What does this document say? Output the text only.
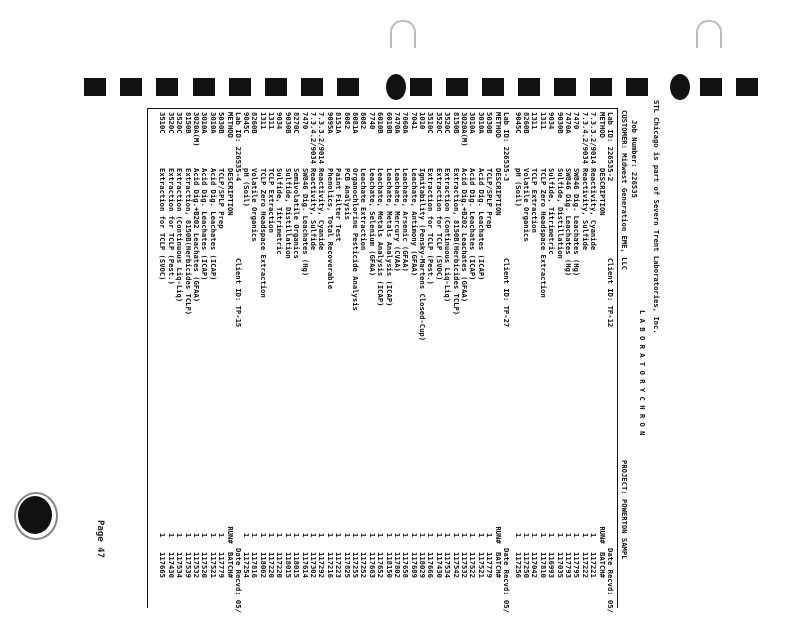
Page 47
STL Chicago is part of Severn Trent Laboratories, Inc.
L A B O R A T O R Y C H R O N
Job Number: 226535
CUSTOMER: Midwest Generation EME, LLC
PROJECT: POWERTON SAMPL
Lab ID: 226535-2
Client ID: TP-12
Date Recvd: 05/
METHOD
DESCRIPTION
RUN#
BATCH#
7.3.3.2/9014
Reactivity, Cyanide
1
117221
7.3.4.2/9034
Reactivity, Sulfide
1
117222
7470
SW846 Dig. Leachates (Hg)
1
117795
7470A
SW846 Dig. Leachates (Hg)
1
117793
9030B
Sulfide, Distillation
1
117035
9034
Sulfide, Titrimetric
1
116993
1311
TCLP Zero Headspace Extraction
1
117810
1311
TCLP Extraction
1
117042
8260B
Volatile Organics
1
117250
9045C
pH (Soil)
1
117256
Lab ID: 226535-3
Client ID: TP-27
Date Recvd: 05/
METHOD
DESCRIPTION
RUN#
BATCH#
5030B
TCLP/SPLP Prep
1
117779
3010A
Acid Dig. Leachates (ICAP)
1
117521
3010A
Acid Dig. Leachates (ICAP)
1
117522
3020A(M)
Acid Dig.+B202 Leachates (GFAA)
1
117532
8150B
Extraction, 8150B(Herbicides TCLP)
1
117542
3520C
Extraction (Continuous Liq-Liq)
1
117534
3520C
Extraction for TCLP (SVOC)
1
117430
3510C
Extraction for TCLP (Pest.)
1
117666
1010
Ignitability (Pensky-Martens Closed-Cup)
1
118029
7041
Leachate, Antimony (GFAA)
1
117689
7060A
Leachate, Arsenic (GFAA)
1
117658
7470A
Leachate, Mercury (CVAA)
1
117802
6010B
Leachate, Metals Analysis (ICAP)
1
118150
6010B
Leachate, Metals Analysis (ICAP)
1
117652
7740
Leachate, Selenium (GFAA)
1
117663
8082
Leachate Extraction
1
117252
8081A
Organochlorine Pesticide Analysis
1
117255
8082
PCB Analysis
1
117825
8151A
Paint Filter Test
1
117223
9095A
Phenolics, Total Recoverable
1
117216
7.3.3.2/9014
Reactivity, Cyanide
1
117292
7.3.4.2/9034
Reactivity, Sulfide
1
117302
7470
SW846 Dig. Leachates (Hg)
1
117614
8270C
Semivolatile Organics
1
118015
9030B
Sulfide, Distillation
1
118015
9034
Sulfide, Titrimetric
1
117220
1311
TCLP Extraction
1
117220
1311
TCLP Zero Headspace Extraction
1
118062
8260B
Volatile Organics
1
117816
9045C
pH (Soil)
1
117254
Lab ID: 226535-4
Client ID: TP-15
Date Recvd: 05/
METHOD
DESCRIPTION
RUN#
BATCH#
5030B
TCLP/SPLP Prep
1
117779
3010A
Acid Dig. Leachates (ICAP)
1
117521
3010A
Acid Dig. Leachates (ICAP)
1
117520
3020A(M)
Acid Dig.+B202 Leachates (GFAA)
1
117532
8150B
Extraction, 8150B(Herbicides TCLP)
1
117539
3520C
Extraction (Continuous Liq-Liq)
1
117534
3520C
Extraction for TCLP (Pest.)
1
117430
3510C
Extraction for TCLP (SVOC)
1
117665
